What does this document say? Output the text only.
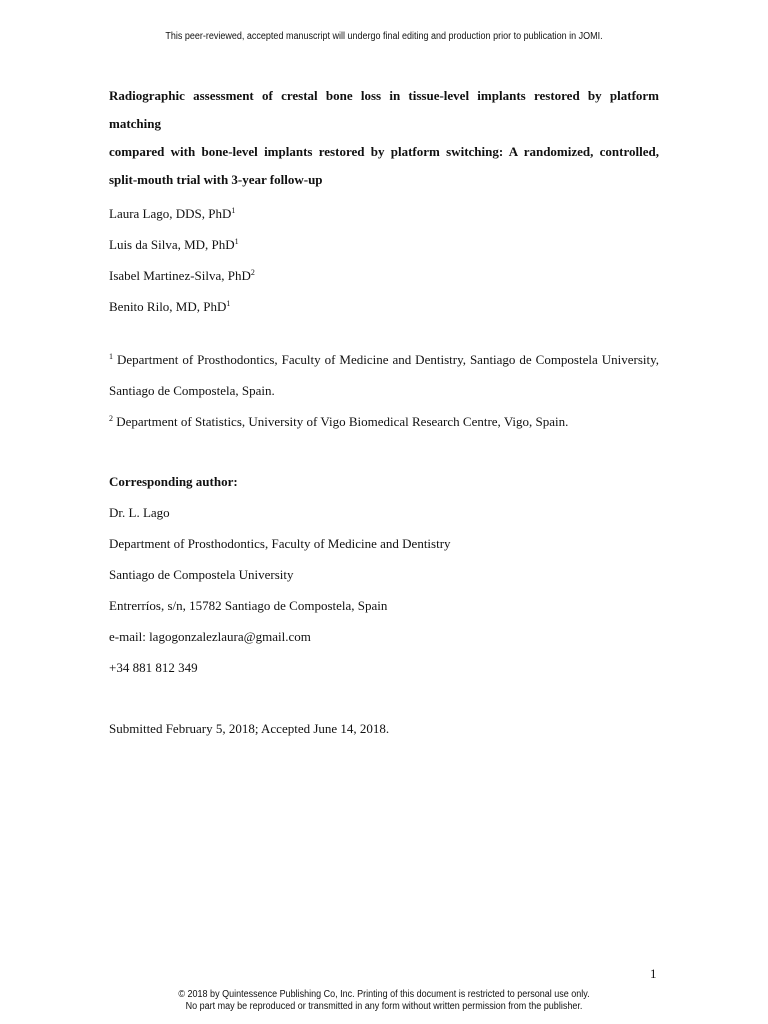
This peer-reviewed, accepted manuscript will undergo final editing and production prior to publication in JOMI.
Radiographic assessment of crestal bone loss in tissue-level implants restored by platform matching
compared with bone-level implants restored by platform switching: A randomized, controlled,
split-mouth trial with 3-year follow-up

Laura Lago, DDS, PhD$^1$

Luis da Silva, MD, PhD$^1$

Isabel Martinez-Silva, PhD$^2$

Benito Rilo, MD, PhD$^1$

$^1$ Department of Prosthodontics, Faculty of Medicine and Dentistry, Santiago de Compostela University, Santiago de Compostela, Spain.

$^2$ Department of Statistics, University of Vigo Biomedical Research Centre, Vigo, Spain.

Corresponding author:

Dr. L. Lago

Department of Prosthodontics, Faculty of Medicine and Dentistry

Santiago de Compostela University

Entrerríos, s/n, 15782 Santiago de Compostela, Spain

e-mail: lagogonzalezlaura@gmail.com

+34 881 812 349

Submitted February 5, 2018; Accepted June 14, 2018.
1
© 2018 by Quintessence Publishing Co, Inc. Printing of this document is restricted to personal use only.
No part may be reproduced or transmitted in any form without written permission from the publisher.
